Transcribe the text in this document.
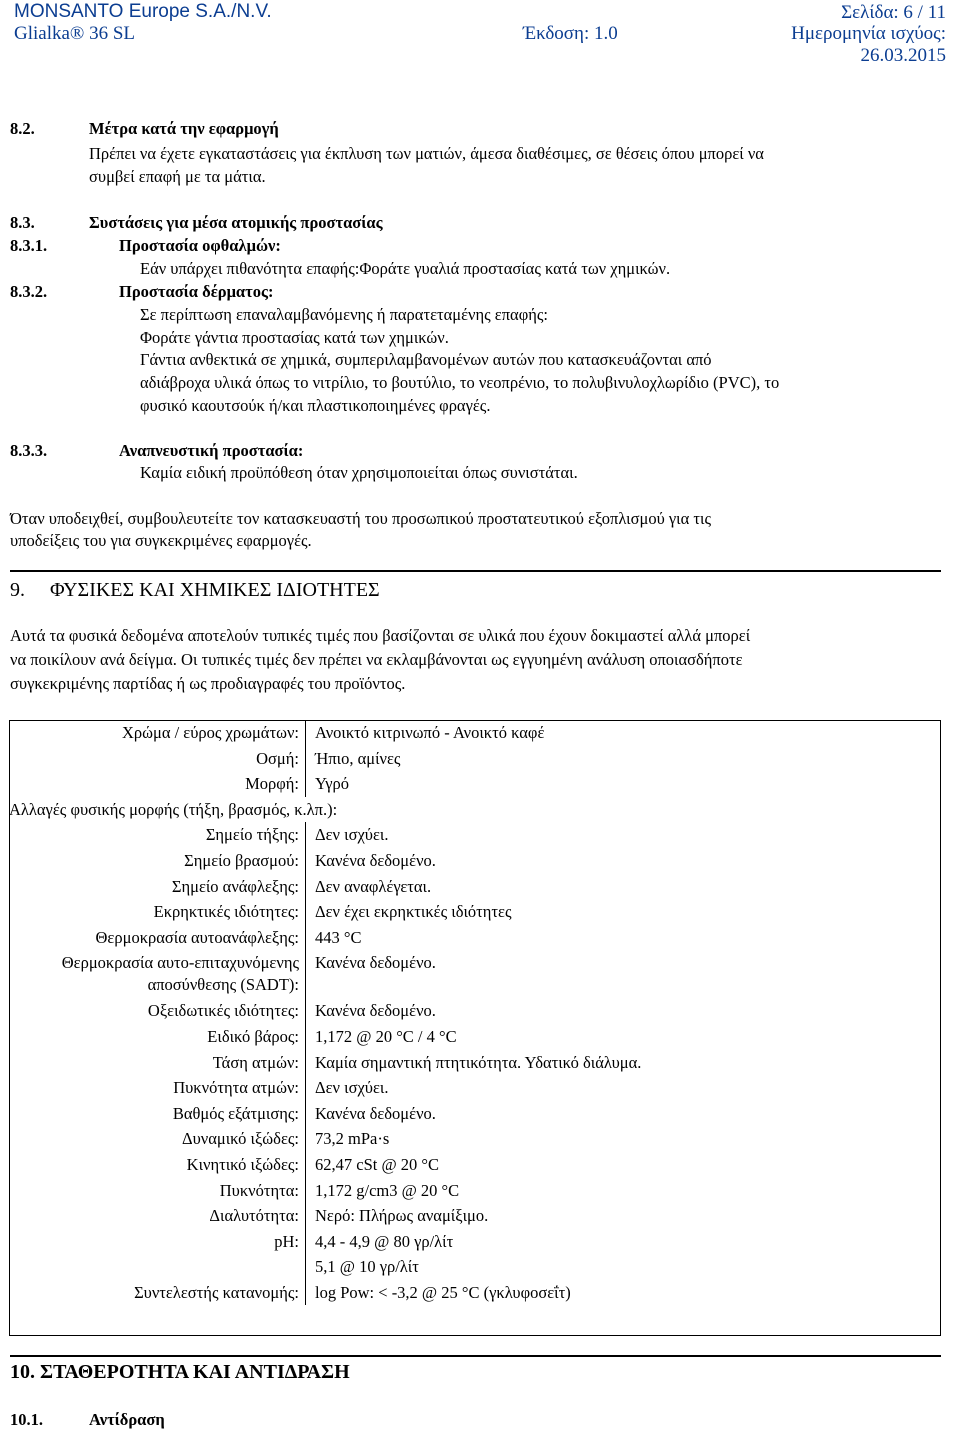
MONSANTO Europe S.A./N.V.	Σελίδα: 6 / 11
Glialka® 36 SL	Έκδοση: 1.0	Ημερομηνία ισχύος:
26.03.2015
8.2.	Μέτρα κατά την εφαρμογή
Πρέπει να έχετε εγκαταστάσεις για έκπλυση των ματιών, άμεσα διαθέσιμες, σε θέσεις όπου μπορεί να
συμβεί επαφή με τα μάτια.
8.3.	Συστάσεις για μέσα ατομικής προστασίας
8.3.1.	Προστασία οφθαλμών:
Εάν υπάρχει πιθανότητα επαφής:Φοράτε γυαλιά προστασίας κατά των χημικών.
8.3.2.	Προστασία δέρματος:
Σε περίπτωση επαναλαμβανόμενης ή παρατεταμένης επαφής:
Φοράτε γάντια προστασίας κατά των χημικών.
Γάντια ανθεκτικά σε χημικά, συμπεριλαμβανομένων αυτών που κατασκευάζονται από
αδιάβροχα υλικά όπως το νιτρίλιο, το βουτύλιο, το νεοπρένιο, το πολυβινυλοχλωρίδιο (PVC), το
φυσικό καουτσούκ ή/και πλαστικοποιημένες φραγές.
8.3.3.	Αναπνευστική προστασία:
Καμία ειδική προϋπόθεση όταν χρησιμοποιείται όπως συνιστάται.
Όταν υποδειχθεί, συμβουλευτείτε τον κατασκευαστή του προσωπικού προστατευτικού εξοπλισμού για τις
υποδείξεις του για συγκεκριμένες εφαρμογές.
9. ΦΥΣΙΚΕΣ ΚΑΙ ΧΗΜΙΚΕΣ ΙΔΙΟΤΗΤΕΣ
Αυτά τα φυσικά δεδομένα αποτελούν τυπικές τιμές που βασίζονται σε υλικά που έχουν δοκιμαστεί αλλά μπορεί
να ποικίλουν ανά δείγμα. Οι τυπικές τιμές δεν πρέπει να εκλαμβάνονται ως εγγυημένη ανάλυση οποιασδήποτε
συγκεκριμένης παρτίδας ή ως προδιαγραφές του προϊόντος.
Χρώμα / εύρος χρωμάτων:	Ανοικτό κιτρινωπό - Ανοικτό καφέ
Οσμή:	Ήπιο, αμίνες
Μορφή:	Υγρό
Αλλαγές φυσικής μορφής (τήξη, βρασμός, κ.λπ.):	
Σημείο τήξης:	Δεν ισχύει.
Σημείο βρασμού:	Κανένα δεδομένο.
Σημείο ανάφλεξης:	Δεν αναφλέγεται.
Εκρηκτικές ιδιότητες:	Δεν έχει εκρηκτικές ιδιότητες
Θερμοκρασία αυτοανάφλεξης:	443 °C
Θερμοκρασία αυτο-επιταχυνόμενης αποσύνθεσης (SADT):	Κανένα δεδομένο.
Οξειδωτικές ιδιότητες:	Κανένα δεδομένο.
Ειδικό βάρος:	1,172 @ 20 °C / 4 °C
Τάση ατμών:	Καμία σημαντική πτητικότητα. Υδατικό διάλυμα.
Πυκνότητα ατμών:	Δεν ισχύει.
Βαθμός εξάτμισης:	Κανένα δεδομένο.
Δυναμικό ιξώδες:	73,2 mPa·s
Κινητικό ιξώδες:	62,47 cSt @ 20 °C
Πυκνότητα:	1,172 g/cm3 @ 20 °C
Διαλυτότητα:	Νερό: Πλήρως αναμίξιμο.
pH:	4,4 - 4,9 @ 80 γρ/λίτ
	5,1 @ 10 γρ/λίτ
Συντελεστής κατανομής:	log Pow: < -3,2 @ 25 °C (γκλυφοσεΐτ)
10. ΣΤΑΘΕΡΟΤΗΤΑ ΚΑΙ ΑΝΤΙΔΡΑΣΗ
10.1.	Αντίδραση
